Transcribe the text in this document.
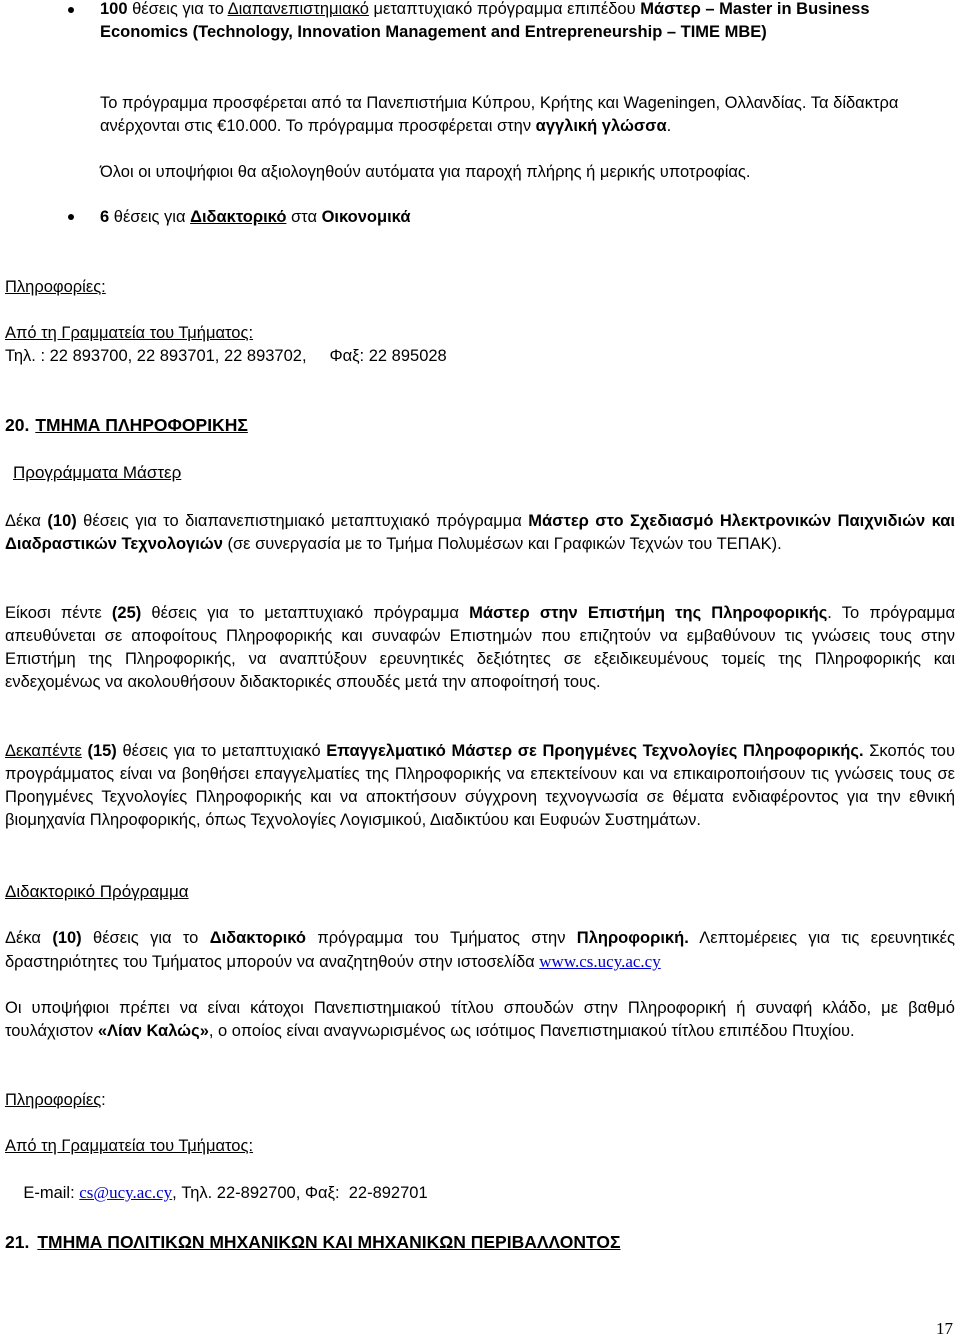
100 θέσεις για το Διαπανεπιστημιακό μεταπτυχιακό πρόγραμμα επιπέδου Μάστερ – Master in Business Economics (Technology, Innovation Management and Entrepreneurship – TIME MBE)

Το πρόγραμμα προσφέρεται από τα Πανεπιστήμια Κύπρου, Κρήτης και Wageningen, Ολλανδίας. Τα δίδακτρα ανέρχονται στις €10.000. Το πρόγραμμα προσφέρεται στην αγγλική γλώσσα.

Όλοι οι υποψήφιοι θα αξιολογηθούν αυτόματα για παροχή πλήρης ή μερικής υποτροφίας.

6 θέσεις για Διδακτορικό στα Οικονομικά

Πληροφορίες:

Από τη Γραμματεία του Τμήματος:

Τηλ. : 22 893700, 22 893701, 22 893702,     Φαξ: 22 895028

20. ΤΜΗΜΑ ΠΛΗΡΟΦΟΡΙΚΗΣ

Προγράμματα Μάστερ

Δέκα (10) θέσεις για το διαπανεπιστημιακό μεταπτυχιακό πρόγραμμα Μάστερ στο Σχεδιασμό Ηλεκτρονικών Παιχνιδιών και Διαδραστικών Τεχνολογιών (σε συνεργασία με το Τμήμα Πολυμέσων και Γραφικών Τεχνών του ΤΕΠΑΚ).

Είκοσι πέντε (25) θέσεις για το μεταπτυχιακό πρόγραμμα Μάστερ στην Επιστήμη της Πληροφορικής. Το πρόγραμμα απευθύνεται σε αποφοίτους Πληροφορικής και συναφών Επιστημών που επιζητούν να εμβαθύνουν τις γνώσεις τους στην Επιστήμη της Πληροφορικής, να αναπτύξουν ερευνητικές δεξιότητες σε εξειδικευμένους τομείς της Πληροφορικής και ενδεχομένως να ακολουθήσουν διδακτορικές σπουδές μετά την αποφοίτησή τους.

Δεκαπέντε (15) θέσεις για το μεταπτυχιακό Επαγγελματικό Μάστερ σε Προηγμένες Τεχνολογίες Πληροφορικής. Σκοπός του προγράμματος είναι να βοηθήσει επαγγελματίες της Πληροφορικής να επεκτείνουν και να επικαιροποιήσουν τις γνώσεις τους σε Προηγμένες Τεχνολογίες Πληροφορικής και να αποκτήσουν σύγχρονη τεχνογνωσία σε θέματα ενδιαφέροντος για την εθνική βιομηχανία Πληροφορικής, όπως Τεχνολογίες Λογισμικού, Διαδικτύου και Ευφυών Συστημάτων.

Διδακτορικό Πρόγραμμα

Δέκα (10) θέσεις για το Διδακτορικό πρόγραμμα του Τμήματος στην Πληροφορική. Λεπτομέρειες για τις ερευνητικές δραστηριότητες του Τμήματος μπορούν να αναζητηθούν στην ιστοσελίδα www.cs.ucy.ac.cy

Οι υποψήφιοι πρέπει να είναι κάτοχοι Πανεπιστημιακού τίτλου σπουδών στην Πληροφορική ή συναφή κλάδο, με βαθμό τουλάχιστον «Λίαν Καλώς», ο οποίος είναι αναγνωρισμένος ως ισότιμος Πανεπιστημιακού τίτλου επιπέδου Πτυχίου.

Πληροφορίες:

Από τη Γραμματεία του Τμήματος:

E-mail: cs@ucy.ac.cy, Τηλ. 22-892700, Φαξ:  22-892701

21. ΤΜΗΜΑ ΠΟΛΙΤΙΚΩΝ ΜΗΧΑΝΙΚΩΝ ΚΑΙ ΜΗΧΑΝΙΚΩΝ ΠΕΡΙΒΑΛΛΟΝΤΟΣ

17
